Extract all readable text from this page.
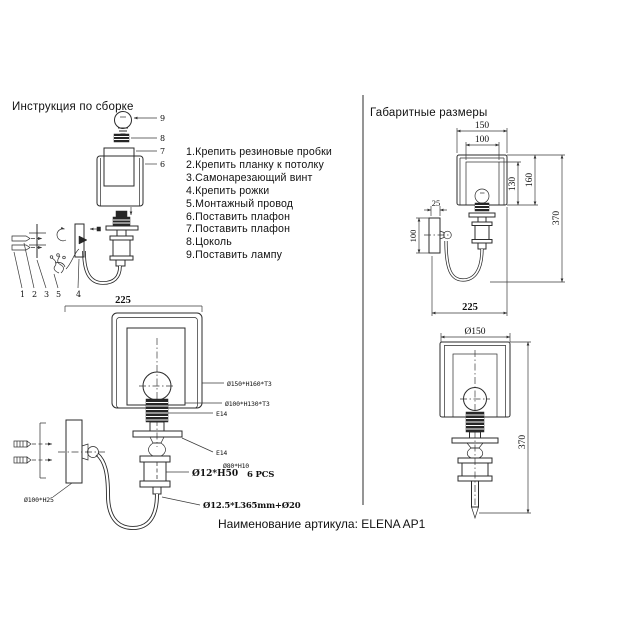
9
8
7
6
1 2 3 5 4
150
100
130 160
370
25
100
225
Ø150
370
225
Ø150*H160*T3
Ø100*H130*T3
E14
E14
Ø80*H10
Ø12*H50 6 PCS
Ø12.5*L365mm+Ø20
Ø100*H25
Инструкция по сборке	Габаритные размеры
1.Крепить резиновые пробки
2.Крепить планку к потолку
3.Самонарезающий винт
4.Крепить рожки
5.Монтажный провод
6.Поставить плафон
7.Поставить плафон
8.Цоколь
9.Поставить лампу
Наименование артикула: ELENA AP1
